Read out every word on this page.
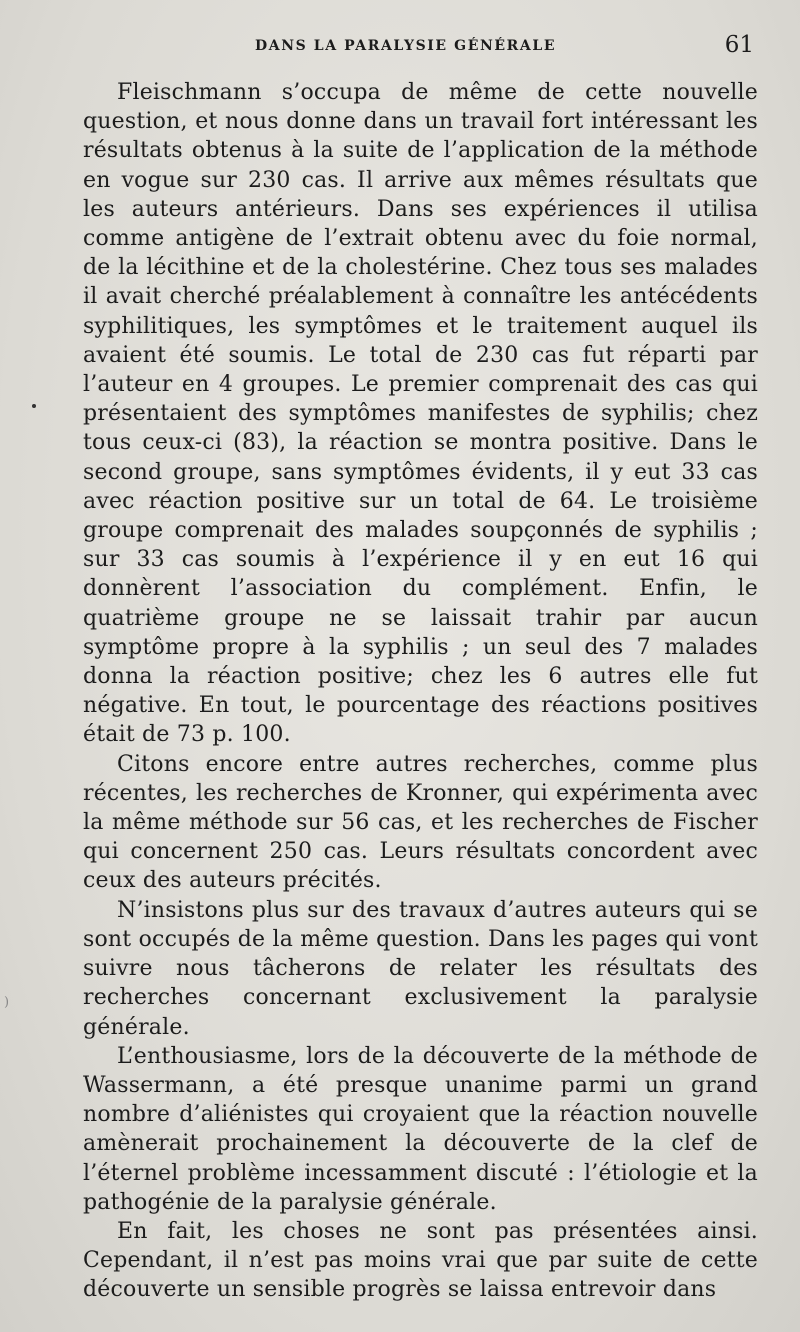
)
DANS LA PARALYSIE GÉNÉRALE	61

Fleischmann s’occupa de même de cette nouvelle question, et nous donne dans un travail fort intéressant les résultats obtenus à la suite de l’application de la méthode en vogue sur 230 cas. Il arrive aux mêmes résultats que les auteurs antérieurs. Dans ses expériences il utilisa comme antigène de l’extrait obtenu avec du foie normal, de la lécithine et de la cholestérine. Chez tous ses malades il avait cherché préalablement à connaître les antécédents syphilitiques, les symptômes et le traitement auquel ils avaient été soumis. Le total de 230 cas fut réparti par l’auteur en 4 groupes. Le premier comprenait des cas qui présentaient des symptômes manifestes de syphilis; chez tous ceux-ci (83), la réaction se montra positive. Dans le second groupe, sans symptômes évidents, il y eut 33 cas avec réaction positive sur un total de 64. Le troisième groupe comprenait des malades soupçonnés de syphilis ; sur 33 cas soumis à l’expérience il y en eut 16 qui donnèrent l’association du complément. Enfin, le quatrième groupe ne se laissait trahir par aucun symptôme propre à la syphilis ; un seul des 7 malades donna la réaction positive; chez les 6 autres elle fut négative. En tout, le pourcentage des réactions positives était de 73 p. 100.

Citons encore entre autres recherches, comme plus récentes, les recherches de Kronner, qui expérimenta avec la même méthode sur 56 cas, et les recherches de Fischer qui concernent 250 cas. Leurs résultats concordent avec ceux des auteurs précités.

N’insistons plus sur des travaux d’autres auteurs qui se sont occupés de la même question. Dans les pages qui vont suivre nous tâcherons de relater les résultats des recherches concernant exclusivement la paralysie générale.

L’enthousiasme, lors de la découverte de la méthode de Wassermann, a été presque unanime parmi un grand nombre d’aliénistes qui croyaient que la réaction nouvelle amènerait prochainement la découverte de la clef de l’éternel problème incessamment discuté : l’étiologie et la pathogénie de la paralysie générale.

En fait, les choses ne sont pas présentées ainsi. Cependant, il n’est pas moins vrai que par suite de cette découverte un sensible progrès se laissa entrevoir dans
